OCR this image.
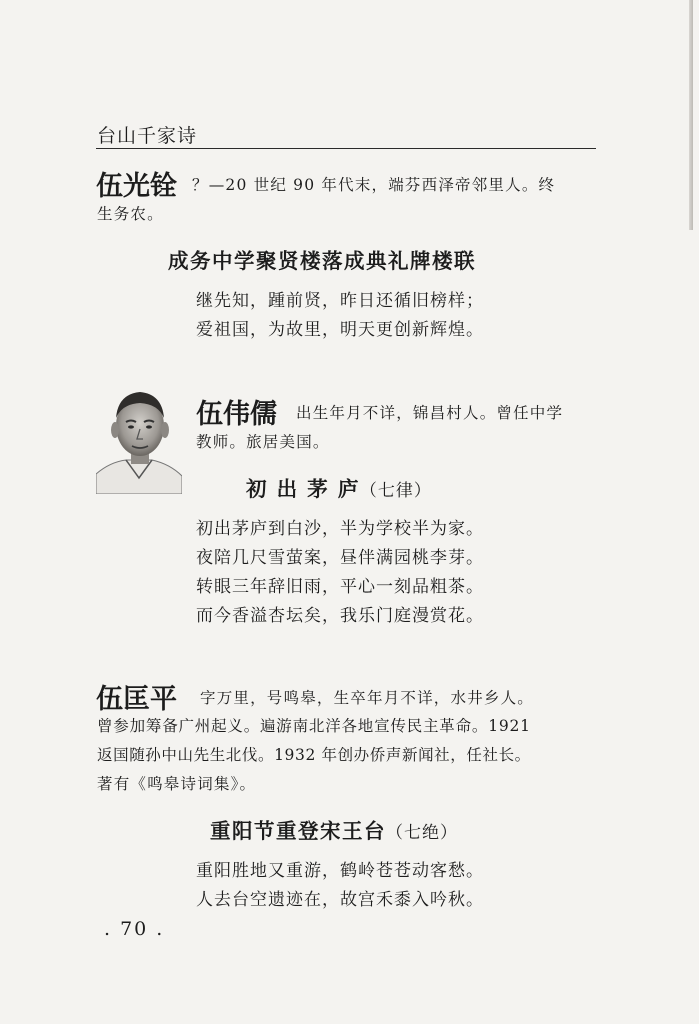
台山千家诗
伍光铨 ？—20 世纪 90 年代末，端芬西泽帝邻里人。终
生务农。
成务中学聚贤楼落成典礼牌楼联
继先知，踵前贤，昨日还循旧榜样；
爱祖国，为故里，明天更创新辉煌。
伍伟儒 出生年月不详，锦昌村人。曾任中学
教师。旅居美国。
初 出 茅 庐（七律）
初出茅庐到白沙，半为学校半为家。
夜陪几尺雪萤案，昼伴满园桃李芽。
转眼三年辞旧雨，平心一刻品粗茶。
而今香溢杏坛矣，我乐门庭漫赏花。
伍匡平 字万里，号鸣皋，生卒年月不详，水井乡人。
曾参加筹备广州起义。遍游南北洋各地宣传民主革命。1921
返国随孙中山先生北伐。1932 年创办侨声新闻社，任社长。
著有《鸣皋诗词集》。
重阳节重登宋王台（七绝）
重阳胜地又重游，鹤岭苍苍动客愁。
人去台空遗迹在，故宫禾黍入吟秋。
. 70 .
